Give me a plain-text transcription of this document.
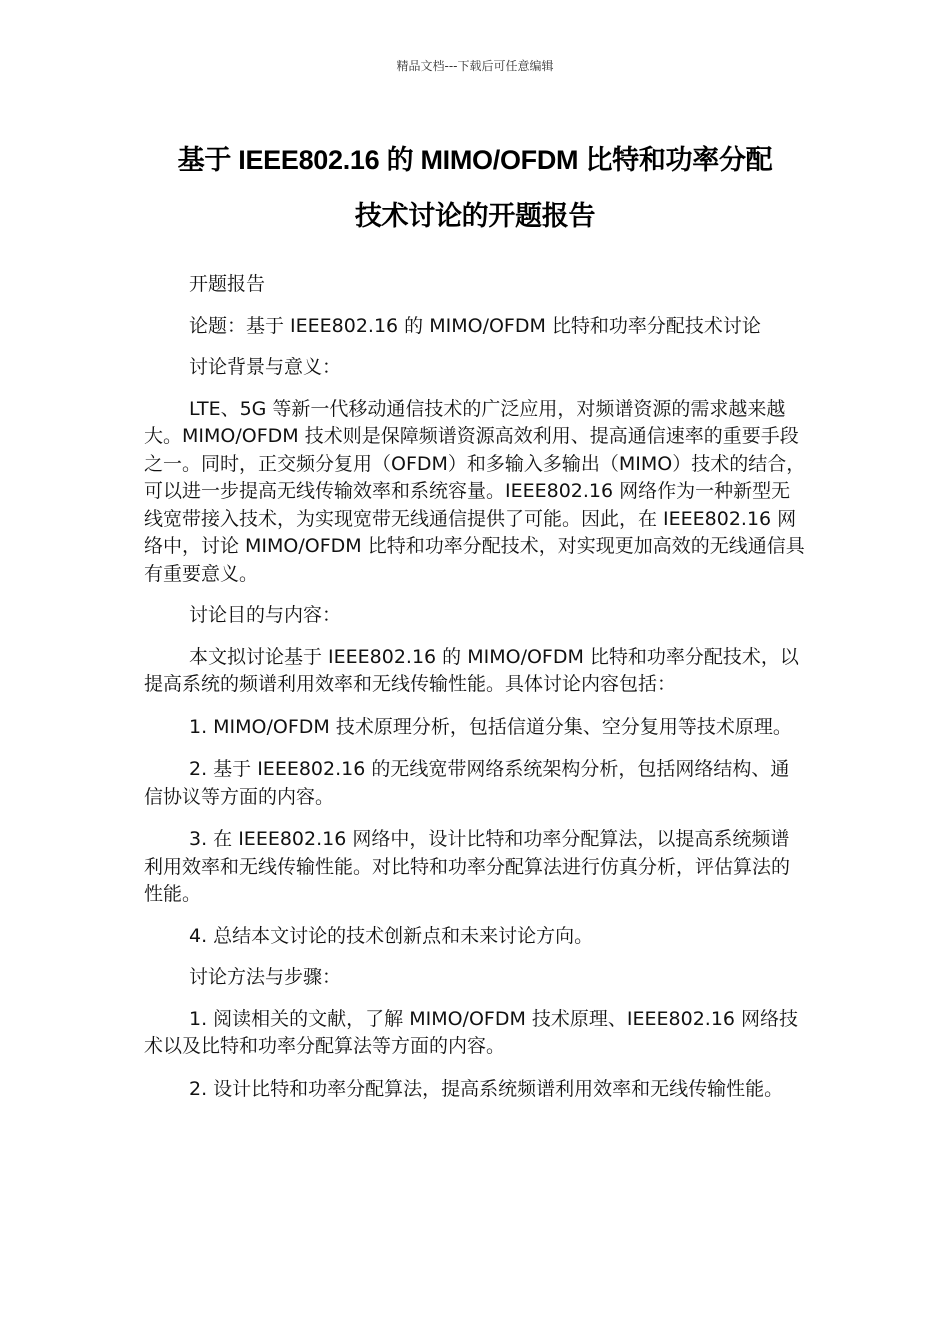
精品文档---下载后可任意编辑
基于 IEEE802.16 的 MIMO/OFDM 比特和功率分配
技术讨论的开题报告

开题报告

论题：基于 IEEE802.16 的 MIMO/OFDM 比特和功率分配技术讨论

讨论背景与意义：

LTE、5G 等新一代移动通信技术的广泛应用，对频谱资源的需求越来越大。MIMO/OFDM 技术则是保障频谱资源高效利用、提高通信速率的重要手段之一。同时，正交频分复用（OFDM）和多输入多输出（MIMO）技术的结合，可以进一步提高无线传输效率和系统容量。IEEE802.16 网络作为一种新型无线宽带接入技术，为实现宽带无线通信提供了可能。因此，在 IEEE802.16 网络中，讨论 MIMO/OFDM 比特和功率分配技术，对实现更加高效的无线通信具有重要意义。

讨论目的与内容：

本文拟讨论基于 IEEE802.16 的 MIMO/OFDM 比特和功率分配技术，以提高系统的频谱利用效率和无线传输性能。具体讨论内容包括：

1. MIMO/OFDM 技术原理分析，包括信道分集、空分复用等技术原理。

2. 基于 IEEE802.16 的无线宽带网络系统架构分析，包括网络结构、通信协议等方面的内容。

3. 在 IEEE802.16 网络中，设计比特和功率分配算法，以提高系统频谱利用效率和无线传输性能。对比特和功率分配算法进行仿真分析，评估算法的性能。

4. 总结本文讨论的技术创新点和未来讨论方向。

讨论方法与步骤：

1. 阅读相关的文献，了解 MIMO/OFDM 技术原理、IEEE802.16 网络技术以及比特和功率分配算法等方面的内容。

2. 设计比特和功率分配算法，提高系统频谱利用效率和无线传输性能。
